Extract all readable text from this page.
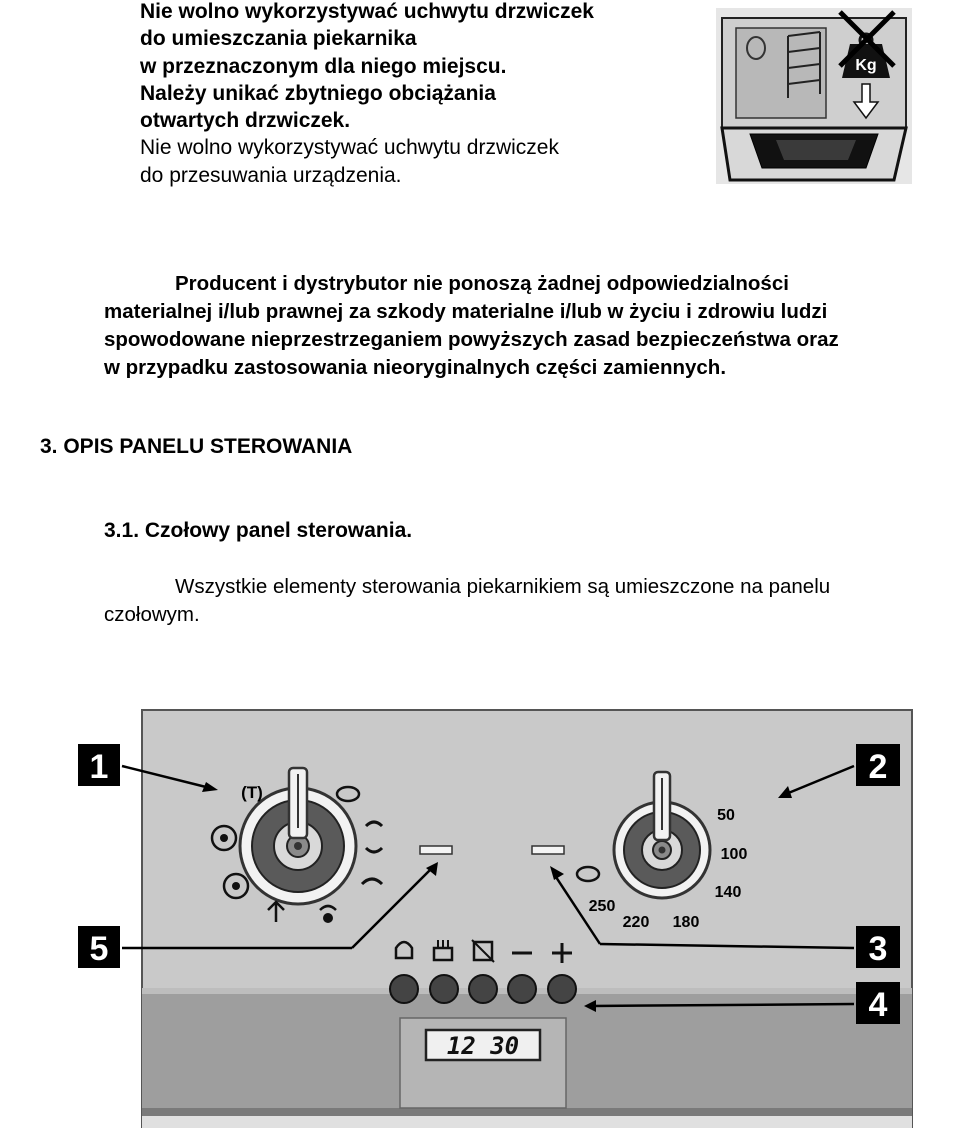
Nie wolno wykorzystywać uchwytu drzwiczek
do umieszczania piekarnika
w przeznaczonym dla niego miejscu.
Należy unikać zbytniego obciążania
otwartych drzwiczek.
Nie wolno wykorzystywać uchwytu drzwiczek
do przesuwania urządzenia.
Kg
Producent i dystrybutor nie ponoszą żadnej odpowiedzialności
materialnej i/lub prawnej za szkody materialne i/lub w życiu i zdrowiu ludzi
spowodowane nieprzestrzeganiem powyższych zasad bezpieczeństwa oraz
w przypadku zastosowania nieoryginalnych części zamiennych.
3. OPIS PANELU STEROWANIA
3.1. Czołowy panel sterowania.
Wszystkie elementy sterowania piekarnikiem są umieszczone na panelu
czołowym.
(T)
50
100
140
180
220
250
12 30
1	2
3
4
5
